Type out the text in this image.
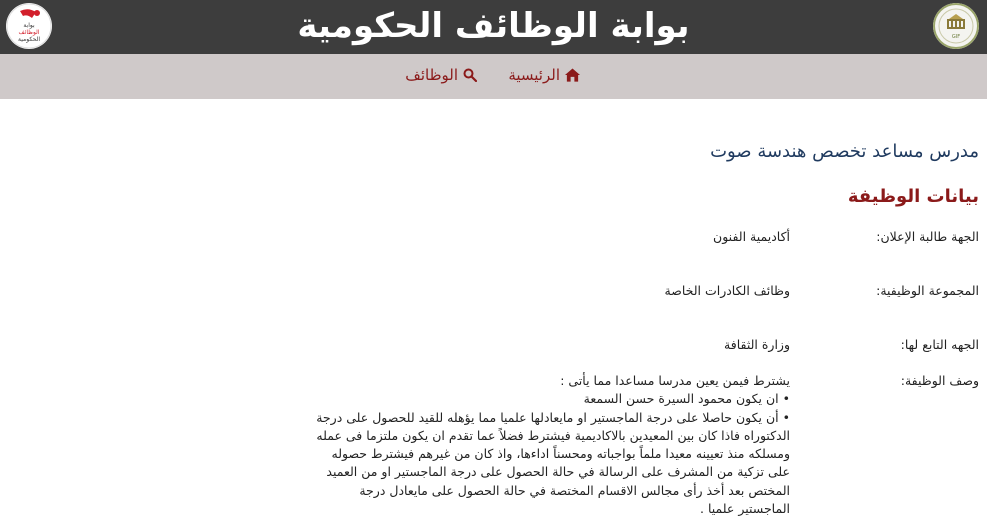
بوابة
الوظائف
الحكومية	بوابة الوظائف الحكومية	GIF
الرئيسية
الوظائف
مدرس مساعد تخصص هندسة صوت
بيانات الوظيفة
الجهة طالبة الإعلان:
أكاديمية الفنون
المجموعة الوظيفية:
وظائف الكادرات الخاصة
الجهه التابع لها:
وزارة الثقافة
وصف الوظيفة:

يشترط فيمن يعين مدرسا مساعدا مما يأتى :

• ان يكون محمود السيرة حسن السمعة

• أن يكون حاصلا على درجة الماجستير او مايعادلها علميا مما يؤهله للقيد للحصول على درجة الدكتوراه فاذا كان بين المعيدين بالاكاديمية فيشترط فضلاً عما تقدم ان يكون ملتزما فى عمله ومسلكه منذ تعيينه معيدا ملماً بواجباته ومحسناً اداءها، واذ كان من غيرهم فيشترط حصوله على تزكية من المشرف على الرسالة في حالة الحصول على درجة الماجستير او من العميد المختص بعد أخذ رأى مجالس الاقسام المختصة في حالة الحصول على مايعادل درجة الماجستير علميا .
